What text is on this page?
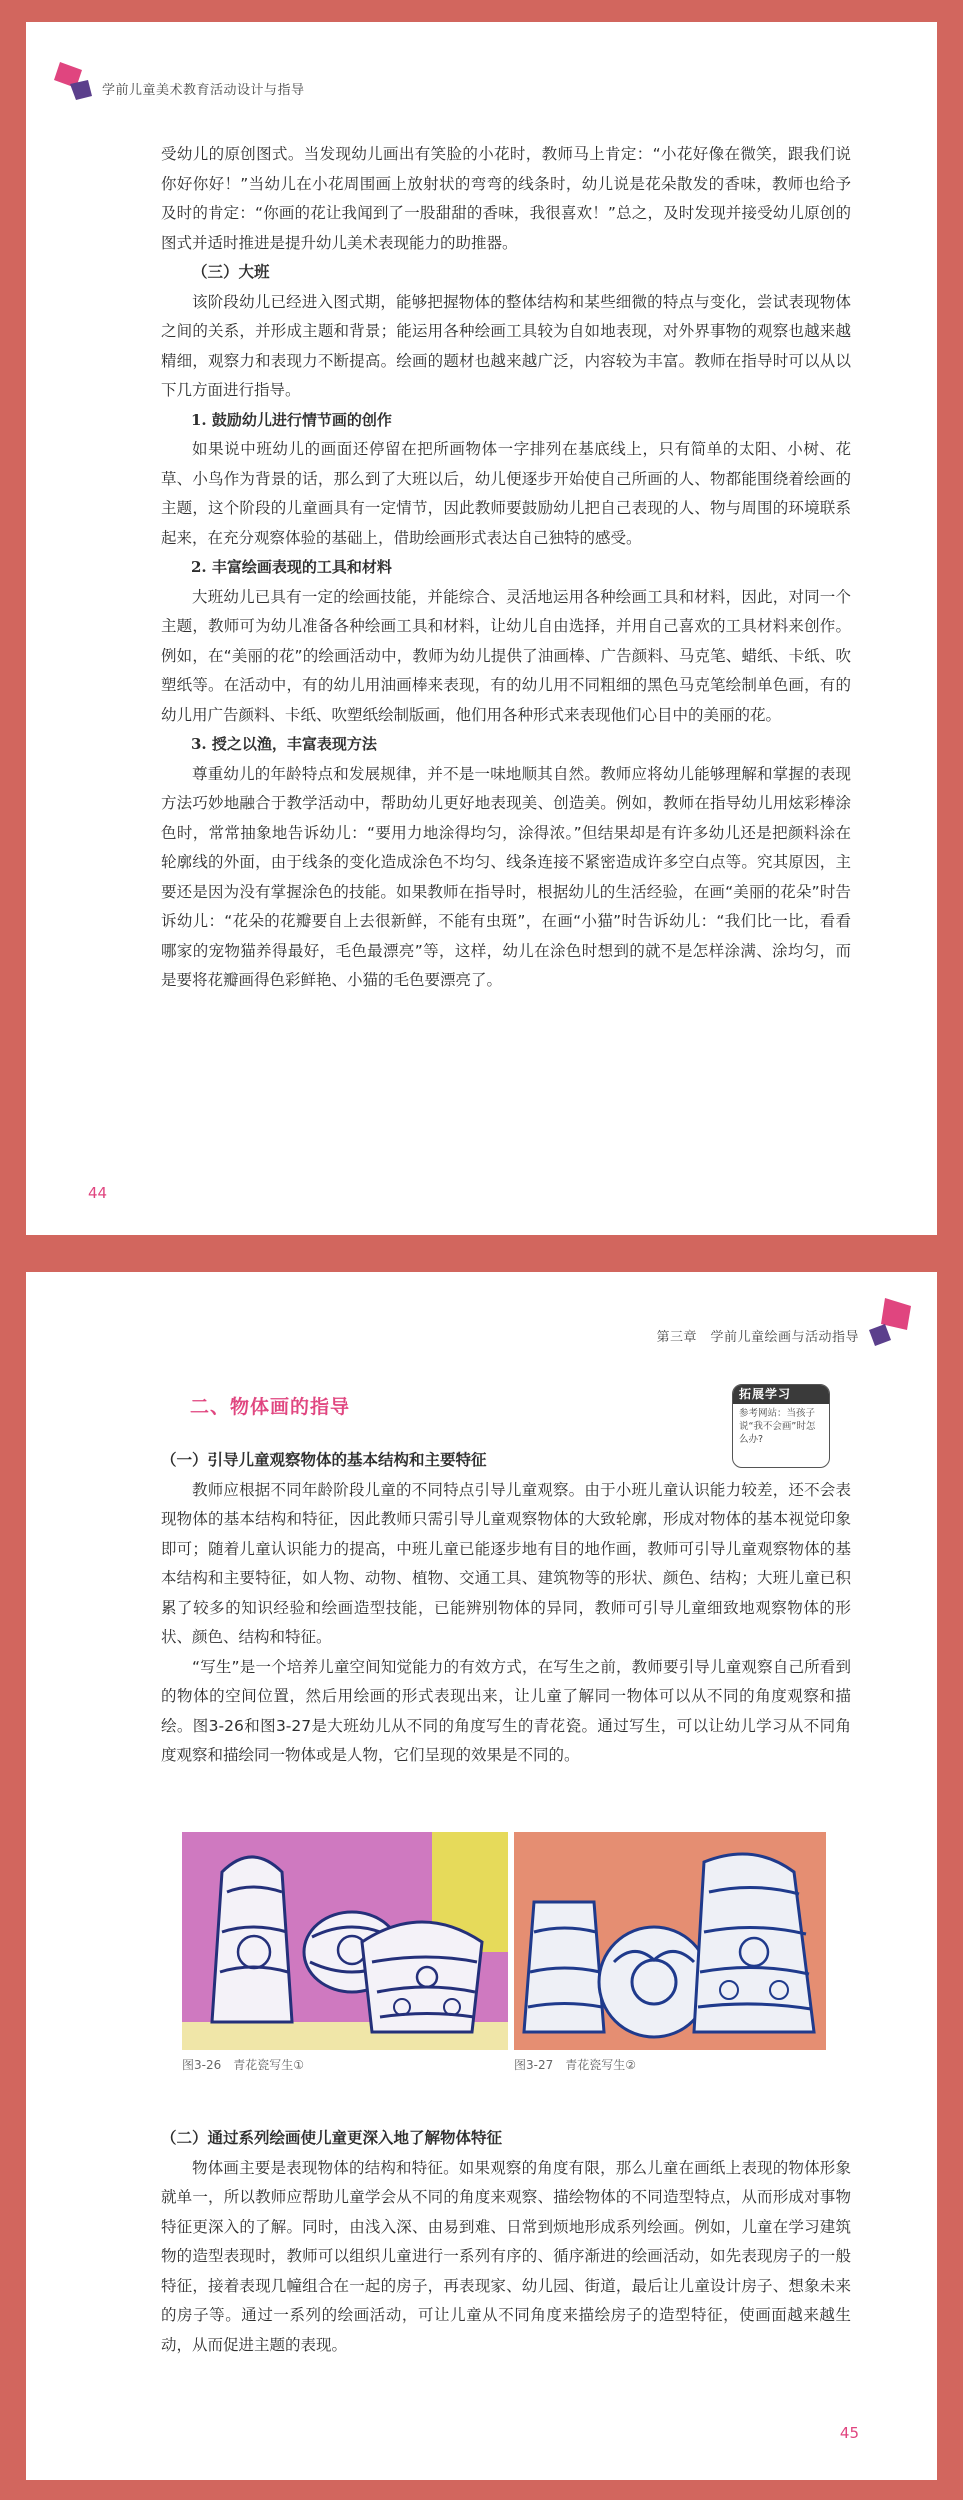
学前儿童美术教育活动设计与指导

受幼儿的原创图式。当发现幼儿画出有笑脸的小花时，教师马上肯定：“小花好像在微笑，跟我们说你好你好！”当幼儿在小花周围画上放射状的弯弯的线条时，幼儿说是花朵散发的香味，教师也给予及时的肯定：“你画的花让我闻到了一股甜甜的香味，我很喜欢！”总之，及时发现并接受幼儿原创的图式并适时推进是提升幼儿美术表现能力的助推器。

（三）大班

该阶段幼儿已经进入图式期，能够把握物体的整体结构和某些细微的特点与变化，尝试表现物体之间的关系，并形成主题和背景；能运用各种绘画工具较为自如地表现，对外界事物的观察也越来越精细，观察力和表现力不断提高。绘画的题材也越来越广泛，内容较为丰富。教师在指导时可以从以下几方面进行指导。

1. 鼓励幼儿进行情节画的创作

如果说中班幼儿的画面还停留在把所画物体一字排列在基底线上，只有简单的太阳、小树、花草、小鸟作为背景的话，那么到了大班以后，幼儿便逐步开始使自己所画的人、物都能围绕着绘画的主题，这个阶段的儿童画具有一定情节，因此教师要鼓励幼儿把自己表现的人、物与周围的环境联系起来，在充分观察体验的基础上，借助绘画形式表达自己独特的感受。

2. 丰富绘画表现的工具和材料

大班幼儿已具有一定的绘画技能，并能综合、灵活地运用各种绘画工具和材料，因此，对同一个主题，教师可为幼儿准备各种绘画工具和材料，让幼儿自由选择，并用自己喜欢的工具材料来创作。例如，在“美丽的花”的绘画活动中，教师为幼儿提供了油画棒、广告颜料、马克笔、蜡纸、卡纸、吹塑纸等。在活动中，有的幼儿用油画棒来表现，有的幼儿用不同粗细的黑色马克笔绘制单色画，有的幼儿用广告颜料、卡纸、吹塑纸绘制版画，他们用各种形式来表现他们心目中的美丽的花。

3. 授之以渔，丰富表现方法

尊重幼儿的年龄特点和发展规律，并不是一味地顺其自然。教师应将幼儿能够理解和掌握的表现方法巧妙地融合于教学活动中，帮助幼儿更好地表现美、创造美。例如，教师在指导幼儿用炫彩棒涂色时，常常抽象地告诉幼儿：“要用力地涂得均匀，涂得浓。”但结果却是有许多幼儿还是把颜料涂在轮廓线的外面，由于线条的变化造成涂色不均匀、线条连接不紧密造成许多空白点等。究其原因，主要还是因为没有掌握涂色的技能。如果教师在指导时，根据幼儿的生活经验，在画“美丽的花朵”时告诉幼儿：“花朵的花瓣要自上去很新鲜，不能有虫斑”，在画“小猫”时告诉幼儿：“我们比一比，看看哪家的宠物猫养得最好，毛色最漂亮”等，这样，幼儿在涂色时想到的就不是怎样涂满、涂均匀，而是要将花瓣画得色彩鲜艳、小猫的毛色要漂亮了。

44
第三章　学前儿童绘画与活动指导
二、物体画的指导
拓展学习
参考网站：当孩子说“我不会画”时怎么办?

（一）引导儿童观察物体的基本结构和主要特征

教师应根据不同年龄阶段儿童的不同特点引导儿童观察。由于小班儿童认识能力较差，还不会表现物体的基本结构和特征，因此教师只需引导儿童观察物体的大致轮廓，形成对物体的基本视觉印象即可；随着儿童认识能力的提高，中班儿童已能逐步地有目的地作画，教师可引导儿童观察物体的基本结构和主要特征，如人物、动物、植物、交通工具、建筑物等的形状、颜色、结构；大班儿童已积累了较多的知识经验和绘画造型技能，已能辨别物体的异同，教师可引导儿童细致地观察物体的形状、颜色、结构和特征。

“写生”是一个培养儿童空间知觉能力的有效方式，在写生之前，教师要引导儿童观察自己所看到的物体的空间位置，然后用绘画的形式表现出来，让儿童了解同一物体可以从不同的角度观察和描绘。图3-26和图3-27是大班幼儿从不同的角度写生的青花瓷。通过写生，可以让幼儿学习从不同角度观察和描绘同一物体或是人物，它们呈现的效果是不同的。

图3-26　青花瓷写生①	图3-27　青花瓷写生②

（二）通过系列绘画使儿童更深入地了解物体特征

物体画主要是表现物体的结构和特征。如果观察的角度有限，那么儿童在画纸上表现的物体形象就单一，所以教师应帮助儿童学会从不同的角度来观察、描绘物体的不同造型特点，从而形成对事物特征更深入的了解。同时，由浅入深、由易到难、日常到烦地形成系列绘画。例如，儿童在学习建筑物的造型表现时，教师可以组织儿童进行一系列有序的、循序渐进的绘画活动，如先表现房子的一般特征，接着表现几幢组合在一起的房子，再表现家、幼儿园、街道，最后让儿童设计房子、想象未来的房子等。通过一系列的绘画活动，可让儿童从不同角度来描绘房子的造型特征，使画面越来越生动，从而促进主题的表现。

45
